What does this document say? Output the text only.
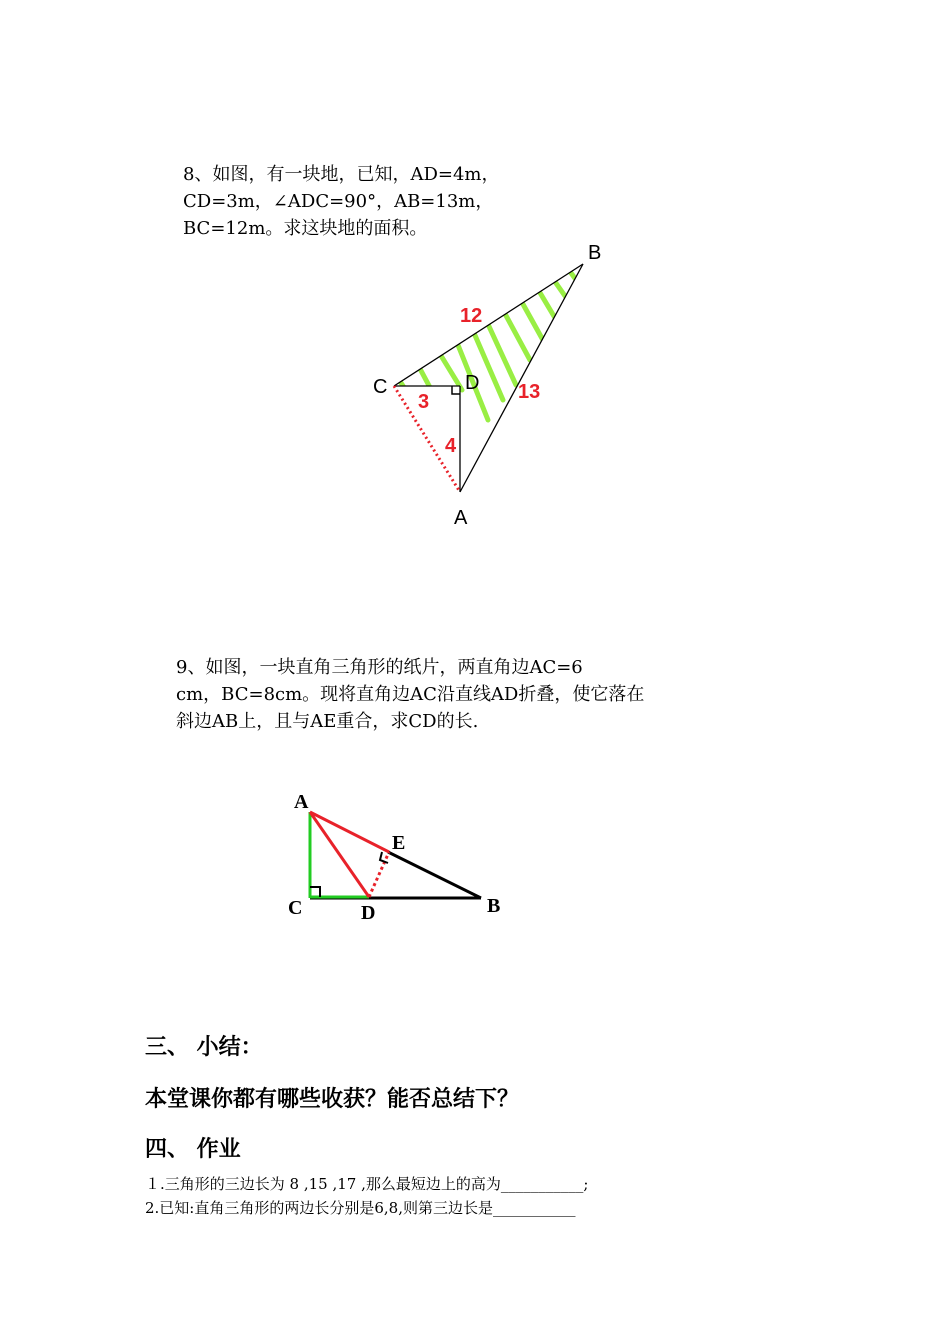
8、如图，有一块地，已知，AD=4m，

CD=3m，∠ADC=90°，AB=13m，

BC=12m。求这块地的面积。

B
C	D
A
12
13
3
4

9、如图，一块直角三角形的纸片，两直角边AC=6

cm，BC=8cm。现将直角边AC沿直线AD折叠，使它落在

斜边AB上，且与AE重合，求CD的长.

A
E
C	D	B

三、 小结：

本堂课你都有哪些收获？能否总结下？

四、 作业

１.三角形的三边长为 8 ,15 ,17 ,那么最短边上的高为___________;

2.已知:直角三角形的两边长分别是6,8,则第三边长是___________
